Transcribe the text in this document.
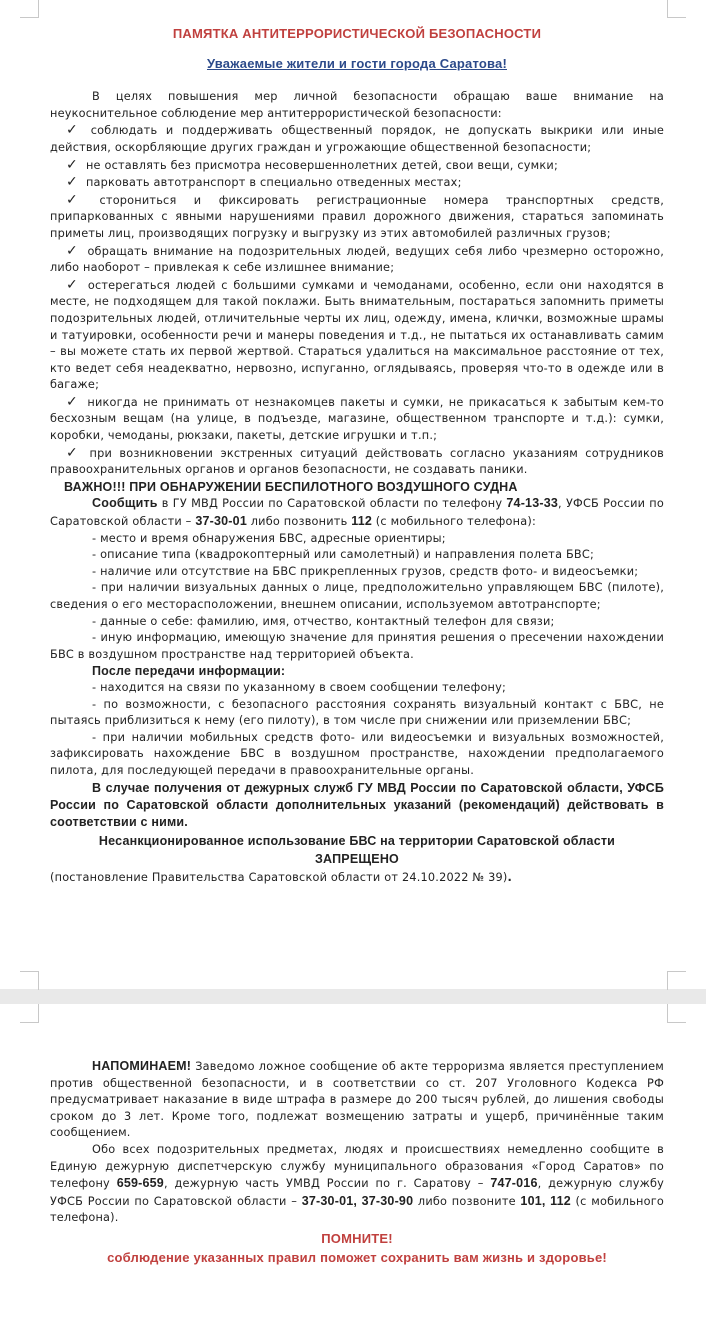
ПАМЯТКА АНТИТЕРРОРИСТИЧЕСКОЙ БЕЗОПАСНОСТИ
Уважаемые жители и гости города Саратова!

В целях повышения мер личной безопасности обращаю ваше внимание на неукоснительное соблюдение мер антитеррористической безопасности:

✓ соблюдать и поддерживать общественный порядок, не допускать выкрики или иные действия, оскорбляющие других граждан и угрожающие общественной безопасности;

✓ не оставлять без присмотра несовершеннолетних детей, свои вещи, сумки;

✓ парковать автотранспорт в специально отведенных местах;

✓ сторониться и фиксировать регистрационные номера транспортных средств, припаркованных с явными нарушениями правил дорожного движения, стараться запоминать приметы лиц, производящих погрузку и выгрузку из этих автомобилей различных грузов;

✓ обращать внимание на подозрительных людей, ведущих себя либо чрезмерно осторожно, либо наоборот – привлекая к себе излишнее внимание;

✓ остерегаться людей с большими сумками и чемоданами, особенно, если они находятся в месте, не подходящем для такой поклажи. Быть внимательным, постараться запомнить приметы подозрительных людей, отличительные черты их лиц, одежду, имена, клички, возможные шрамы и татуировки, особенности речи и манеры поведения и т.д., не пытаться их останавливать самим – вы можете стать их первой жертвой. Стараться удалиться на максимальное расстояние от тех, кто ведет себя неадекватно, нервозно, испуганно, оглядываясь, проверяя что-то в одежде или в багаже;

✓ никогда не принимать от незнакомцев пакеты и сумки, не прикасаться к забытым кем-то бесхозным вещам (на улице, в подъезде, магазине, общественном транспорте и т.д.): сумки, коробки, чемоданы, рюкзаки, пакеты, детские игрушки и т.п.;

✓ при возникновении экстренных ситуаций действовать согласно указаниям сотрудников правоохранительных органов и органов безопасности, не создавать паники.

ВАЖНО!!! ПРИ ОБНАРУЖЕНИИ БЕСПИЛОТНОГО ВОЗДУШНОГО СУДНА

Сообщить в ГУ МВД России по Саратовской области по телефону 74-13-33, УФСБ России по Саратовской области – 37-30-01 либо позвонить 112 (с мобильного телефона):

- место и время обнаружения БВС, адресные ориентиры;

- описание типа (квадрокоптерный или самолетный) и направления полета БВС;

- наличие или отсутствие на БВС прикрепленных грузов, средств фото- и видеосъемки;

- при наличии визуальных данных о лице, предположительно управляющем БВС (пилоте), сведения о его месторасположении, внешнем описании, используемом автотранспорте;

- данные о себе: фамилию, имя, отчество, контактный телефон для связи;

- иную информацию, имеющую значение для принятия решения о пресечении нахождении БВС в воздушном пространстве над территорией объекта.

После передачи информации:

- находится на связи по указанному в своем сообщении телефону;

- по возможности, с безопасного расстояния сохранять визуальный контакт с БВС, не пытаясь приблизиться к нему (его пилоту), в том числе при снижении или приземлении БВС;

- при наличии мобильных средств фото- или видеосъемки и визуальных возможностей, зафиксировать нахождение БВС в воздушном пространстве, нахождении предполагаемого пилота, для последующей передачи в правоохранительные органы.

В случае получения от дежурных служб ГУ МВД России по Саратовской области, УФСБ России по Саратовской области дополнительных указаний (рекомендаций) действовать в соответствии с ними.

Несанкционированное использование БВС на территории Саратовской области

ЗАПРЕЩЕНО

(постановление Правительства Саратовской области от 24.10.2022 № 39).

НАПОМИНАЕМ! Заведомо ложное сообщение об акте терроризма является преступлением против общественной безопасности, и в соответствии со ст. 207 Уголовного Кодекса РФ предусматривает наказание в виде штрафа в размере до 200 тысяч рублей, до лишения свободы сроком до 3 лет. Кроме того, подлежат возмещению затраты и ущерб, причинённые таким сообщением.

Обо всех подозрительных предметах, людях и происшествиях немедленно сообщите в Единую дежурную диспетчерскую службу муниципального образования «Город Саратов» по телефону 659-659, дежурную часть УМВД России по г. Саратову – 747-016, дежурную службу УФСБ России по Саратовской области – 37-30-01, 37-30-90 либо позвоните 101, 112 (с мобильного телефона).

ПОМНИТЕ!
соблюдение указанных правил поможет сохранить вам жизнь и здоровье!
